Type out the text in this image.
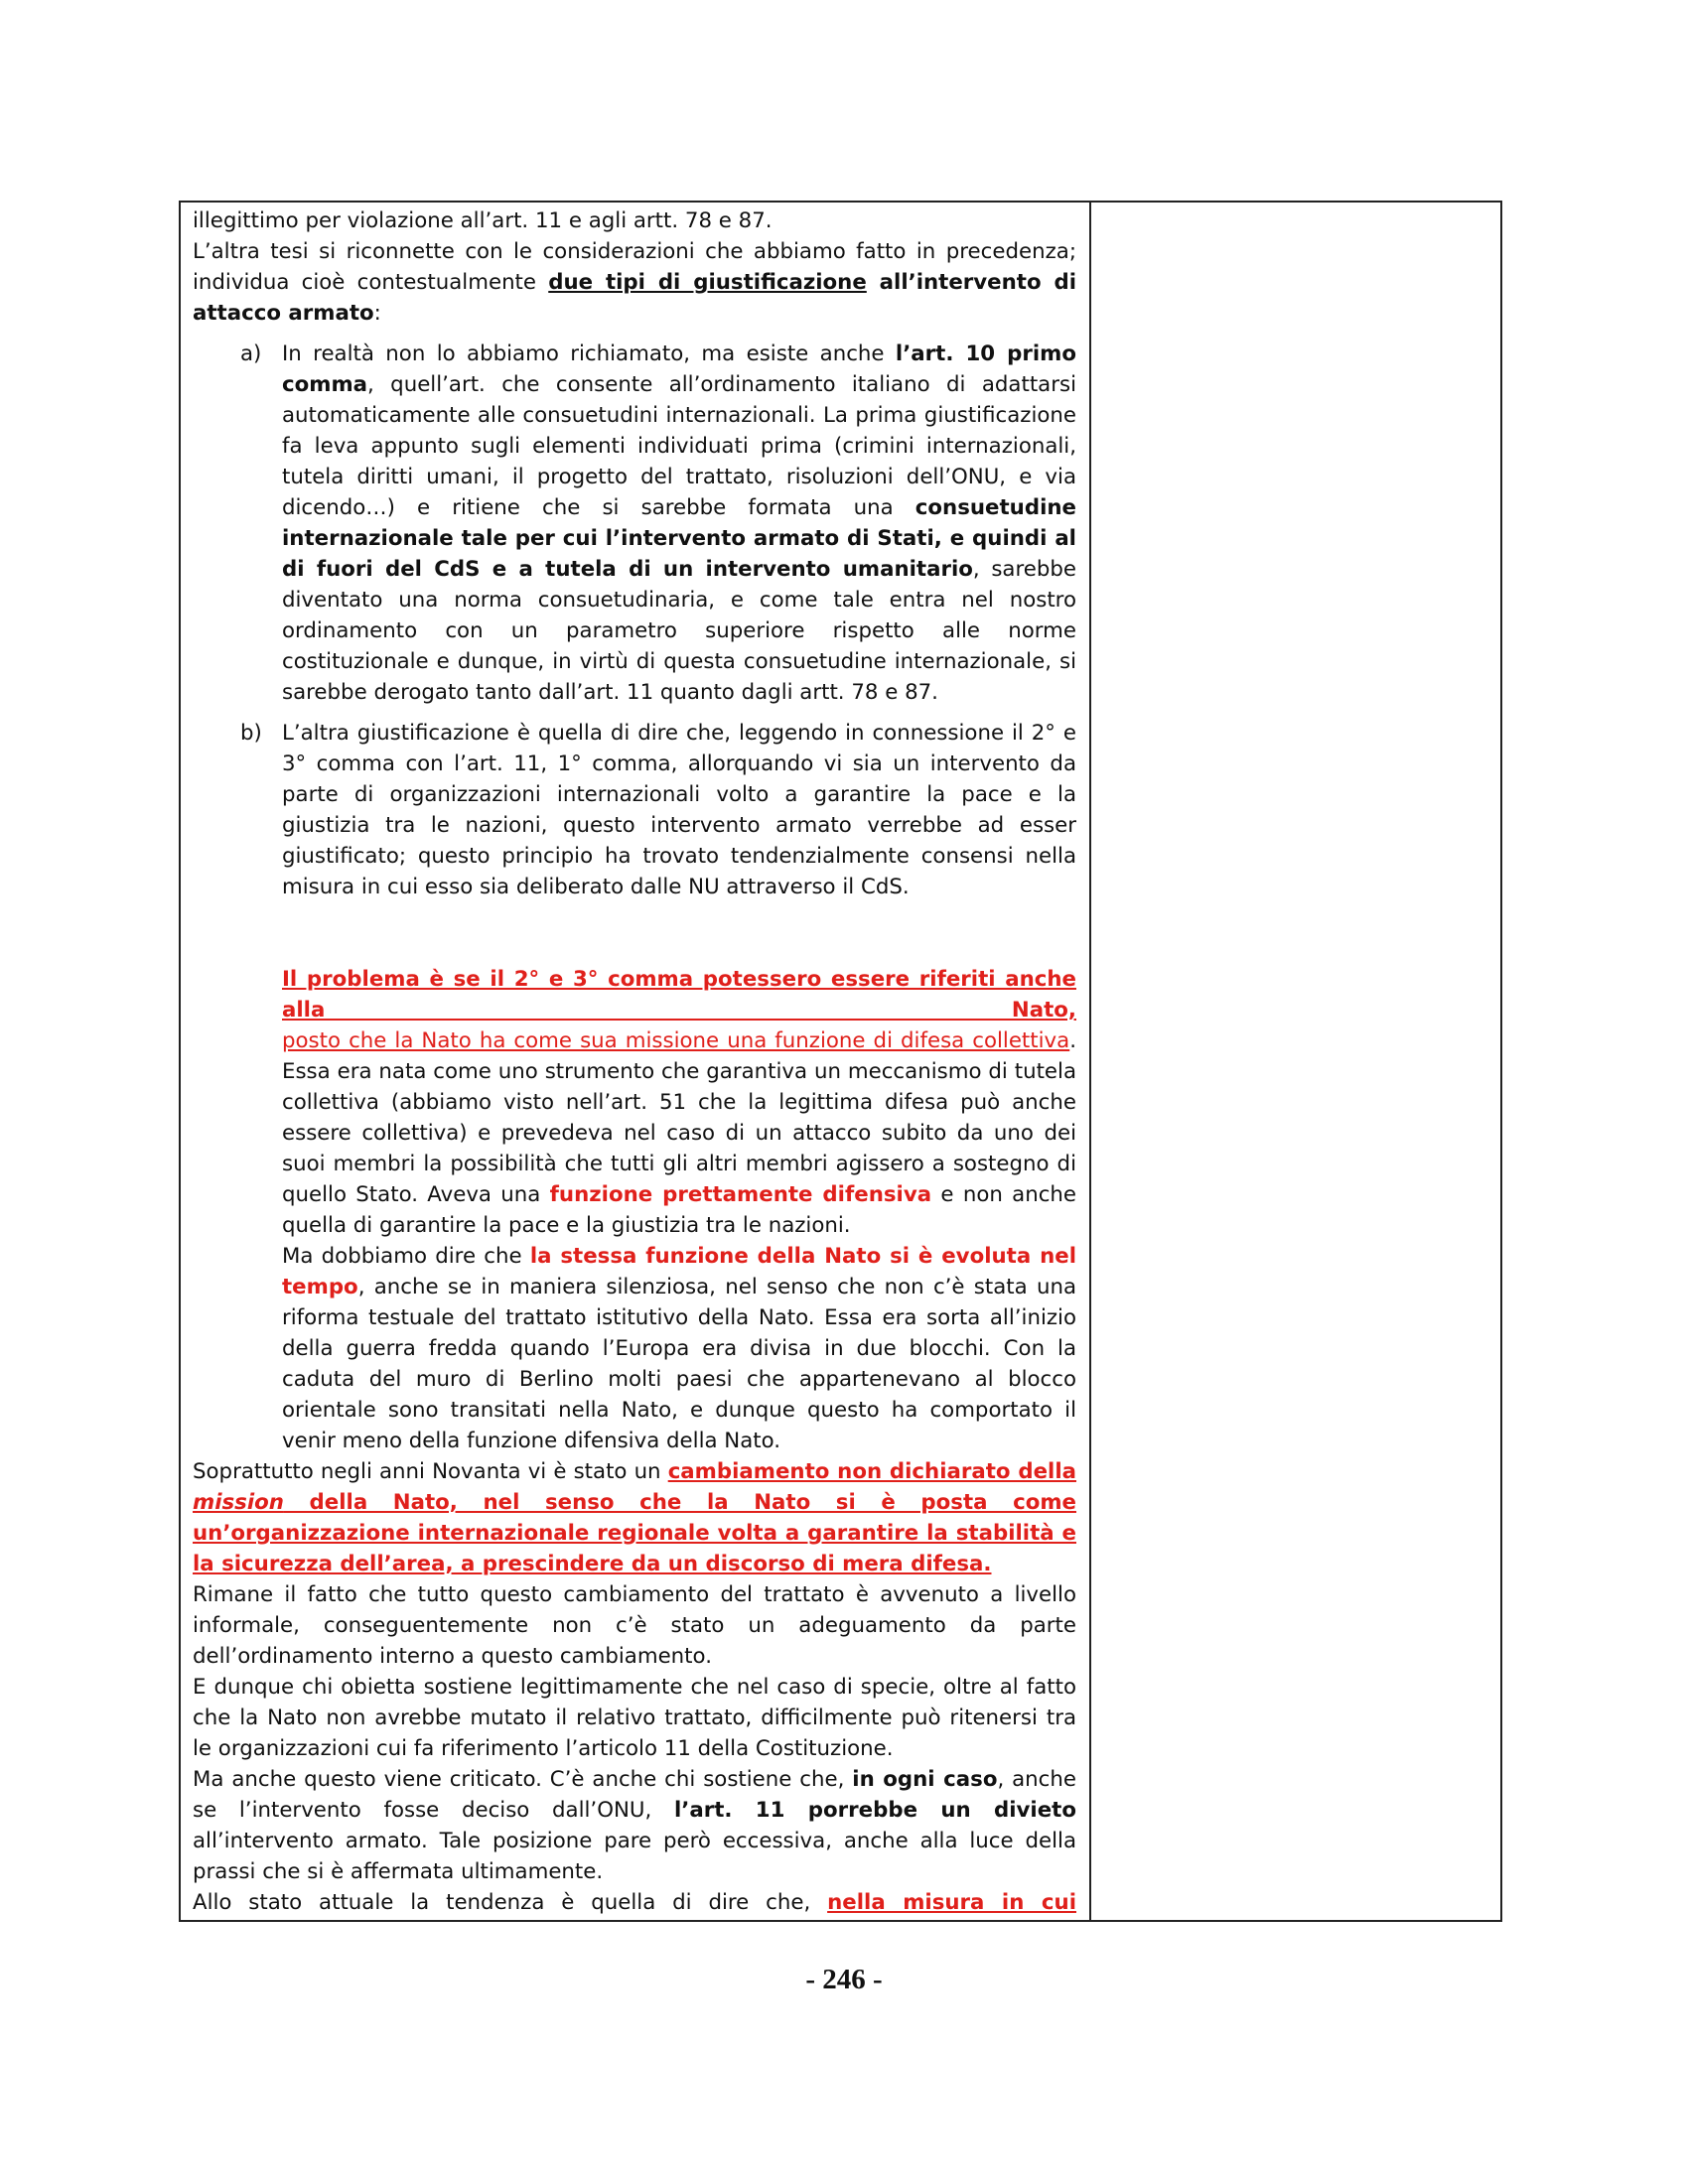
illegittimo per violazione all’art. 11 e agli artt. 78 e 87.

L’altra tesi si riconnette con le considerazioni che abbiamo fatto in precedenza; individua cioè contestualmente due tipi di giustificazione all’intervento di attacco armato:

a) In realtà non lo abbiamo richiamato, ma esiste anche l’art. 10 primo comma, quell’art. che consente all’ordinamento italiano di adattarsi automaticamente alle consuetudini internazionali. La prima giustificazione fa leva appunto sugli elementi individuati prima (crimini internazionali, tutela diritti umani, il progetto del trattato, risoluzioni dell’ONU, e via dicendo…) e ritiene che si sarebbe formata una consuetudine internazionale tale per cui l’intervento armato di Stati, e quindi al di fuori del CdS e a tutela di un intervento umanitario, sarebbe diventato una norma consuetudinaria, e come tale entra nel nostro ordinamento con un parametro superiore rispetto alle norme costituzionale e dunque, in virtù di questa consuetudine internazionale, si sarebbe derogato tanto dall’art. 11 quanto dagli artt. 78 e 87.
b) L’altra giustificazione è quella di dire che, leggendo in connessione il 2° e 3° comma con l’art. 11, 1° comma, allorquando vi sia un intervento da parte di organizzazioni internazionali volto a garantire la pace e la giustizia tra le nazioni, questo intervento armato verrebbe ad esser giustificato; questo principio ha trovato tendenzialmente consensi nella misura in cui esso sia deliberato dalle NU attraverso il CdS.
Il problema è se il 2° e 3° comma potessero essere riferiti anche alla Nato,
posto che la Nato ha come sua missione una funzione di difesa collettiva. Essa era nata come uno strumento che garantiva un meccanismo di tutela collettiva (abbiamo visto nell’art. 51 che la legittima difesa può anche essere collettiva) e prevedeva nel caso di un attacco subito da uno dei suoi membri la possibilità che tutti gli altri membri agissero a sostegno di quello Stato. Aveva una funzione prettamente difensiva e non anche quella di garantire la pace e la giustizia tra le nazioni.
Ma dobbiamo dire che la stessa funzione della Nato si è evoluta nel tempo, anche se in maniera silenziosa, nel senso che non c’è stata una riforma testuale del trattato istitutivo della Nato. Essa era sorta all’inizio della guerra fredda quando l’Europa era divisa in due blocchi. Con la caduta del muro di Berlino molti paesi che appartenevano al blocco orientale sono transitati nella Nato, e dunque questo ha comportato il venir meno della funzione difensiva della Nato.

Soprattutto negli anni Novanta vi è stato un cambiamento non dichiarato della mission della Nato, nel senso che la Nato si è posta come un’organizzazione internazionale regionale volta a garantire la stabilità e la sicurezza dell’area, a prescindere da un discorso di mera difesa.

Rimane il fatto che tutto questo cambiamento del trattato è avvenuto a livello informale, conseguentemente non c’è stato un adeguamento da parte dell’ordinamento interno a questo cambiamento.

E dunque chi obietta sostiene legittimamente che nel caso di specie, oltre al fatto che la Nato non avrebbe mutato il relativo trattato, difficilmente può ritenersi tra le organizzazioni cui fa riferimento l’articolo 11 della Costituzione.

Ma anche questo viene criticato. C’è anche chi sostiene che, in ogni caso, anche se l’intervento fosse deciso dall’ONU, l’art. 11 porrebbe un divieto all’intervento armato. Tale posizione pare però eccessiva, anche alla luce della prassi che si è affermata ultimamente.

Allo stato attuale la tendenza è quella di dire che, nella misura in cui

- 246 -
